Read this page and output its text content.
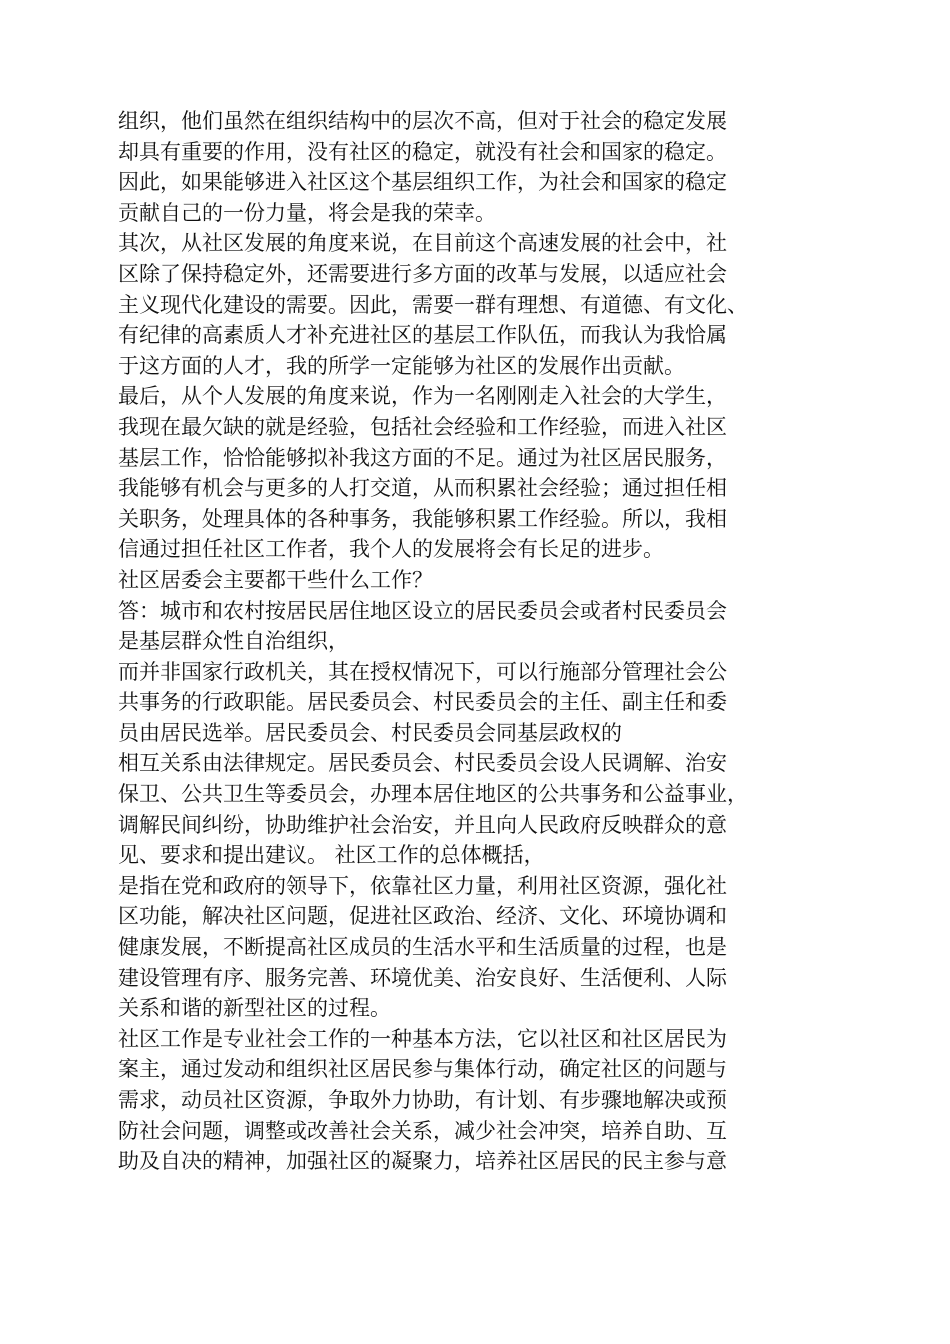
组织，他们虽然在组织结构中的层次不高，但对于社会的稳定发展
却具有重要的作用，没有社区的稳定，就没有社会和国家的稳定。
因此，如果能够进入社区这个基层组织工作，为社会和国家的稳定
贡献自己的一份力量，将会是我的荣幸。
其次，从社区发展的角度来说，在目前这个高速发展的社会中，社
区除了保持稳定外，还需要进行多方面的改革与发展，以适应社会
主义现代化建设的需要。因此，需要一群有理想、有道德、有文化、
有纪律的高素质人才补充进社区的基层工作队伍，而我认为我恰属
于这方面的人才，我的所学一定能够为社区的发展作出贡献。
最后，从个人发展的角度来说，作为一名刚刚走入社会的大学生，
我现在最欠缺的就是经验，包括社会经验和工作经验，而进入社区
基层工作，恰恰能够拟补我这方面的不足。通过为社区居民服务，
我能够有机会与更多的人打交道，从而积累社会经验；通过担任相
关职务，处理具体的各种事务，我能够积累工作经验。所以，我相
信通过担任社区工作者，我个人的发展将会有长足的进步。
社区居委会主要都干些什么工作？
答：城市和农村按居民居住地区设立的居民委员会或者村民委员会
是基层群众性自治组织，
而并非国家行政机关，其在授权情况下，可以行施部分管理社会公
共事务的行政职能。居民委员会、村民委员会的主任、副主任和委
员由居民选举。居民委员会、村民委员会同基层政权的
相互关系由法律规定。居民委员会、村民委员会设人民调解、治安
保卫、公共卫生等委员会，办理本居住地区的公共事务和公益事业，
调解民间纠纷，协助维护社会治安，并且向人民政府反映群众的意
见、要求和提出建议。 社区工作的总体概括，
是指在党和政府的领导下，依靠社区力量，利用社区资源，强化社
区功能，解决社区问题，促进社区政治、经济、文化、环境协调和
健康发展，不断提高社区成员的生活水平和生活质量的过程，也是
建设管理有序、服务完善、环境优美、治安良好、生活便利、人际
关系和谐的新型社区的过程。
社区工作是专业社会工作的一种基本方法，它以社区和社区居民为
案主，通过发动和组织社区居民参与集体行动，确定社区的问题与
需求，动员社区资源，争取外力协助，有计划、有步骤地解决或预
防社会问题，调整或改善社会关系，减少社会冲突，培养自助、互
助及自决的精神，加强社区的凝聚力，培养社区居民的民主参与意
